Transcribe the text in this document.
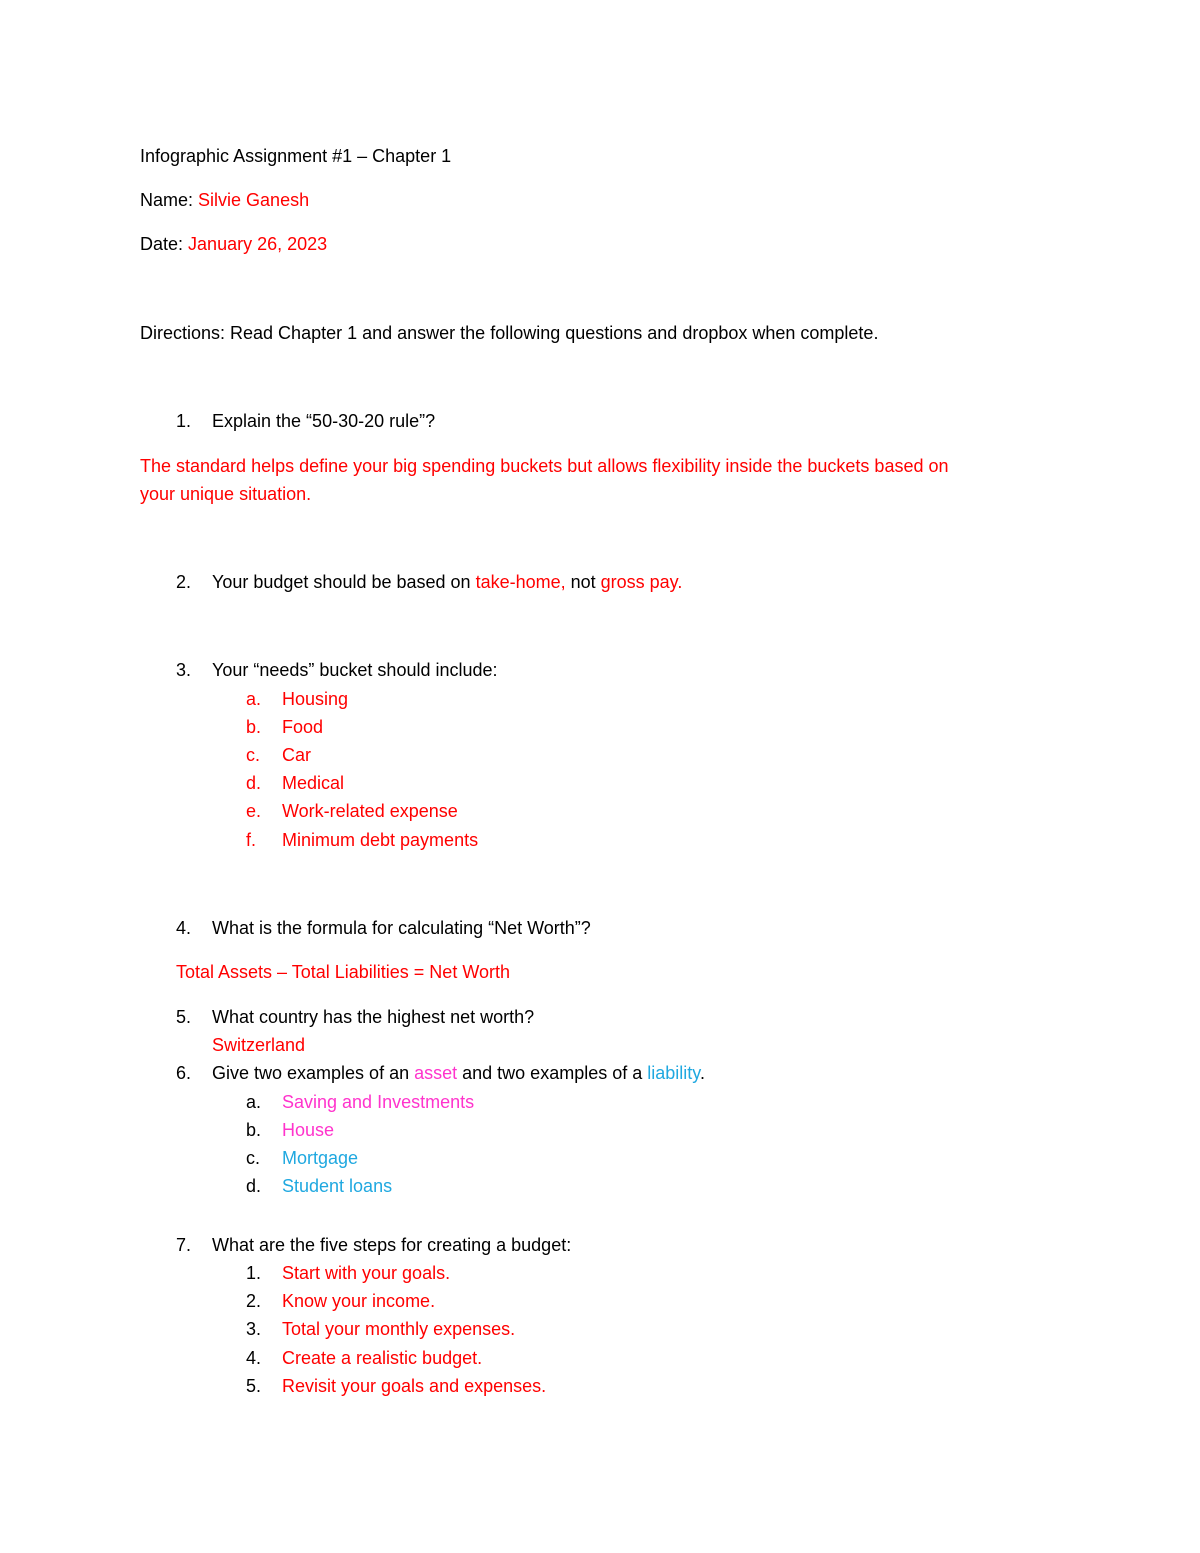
Infographic Assignment #1 – Chapter 1
Name: Silvie Ganesh
Date: January 26, 2023
Directions: Read Chapter 1 and answer the following questions and dropbox when complete.
1. Explain the “50-30-20 rule”?
The standard helps define your big spending buckets but allows flexibility inside the buckets based on
your unique situation.
2. Your budget should be based on take-home, not gross pay.
3. Your “needs” bucket should include:
a.	Housing
b.	Food
c.	Car
d.	Medical
e.	Work-related expense
f.	Minimum debt payments
4. What is the formula for calculating “Net Worth”?
Total Assets – Total Liabilities = Net Worth
5. What country has the highest net worth?
Switzerland
6. Give two examples of an asset and two examples of a liability.
a.	Saving and Investments
b.	House
c.	Mortgage
d.	Student loans
7. What are the five steps for creating a budget:
1.	Start with your goals.
2.	Know your income.
3.	Total your monthly expenses.
4.	Create a realistic budget.
5.	Revisit your goals and expenses.
